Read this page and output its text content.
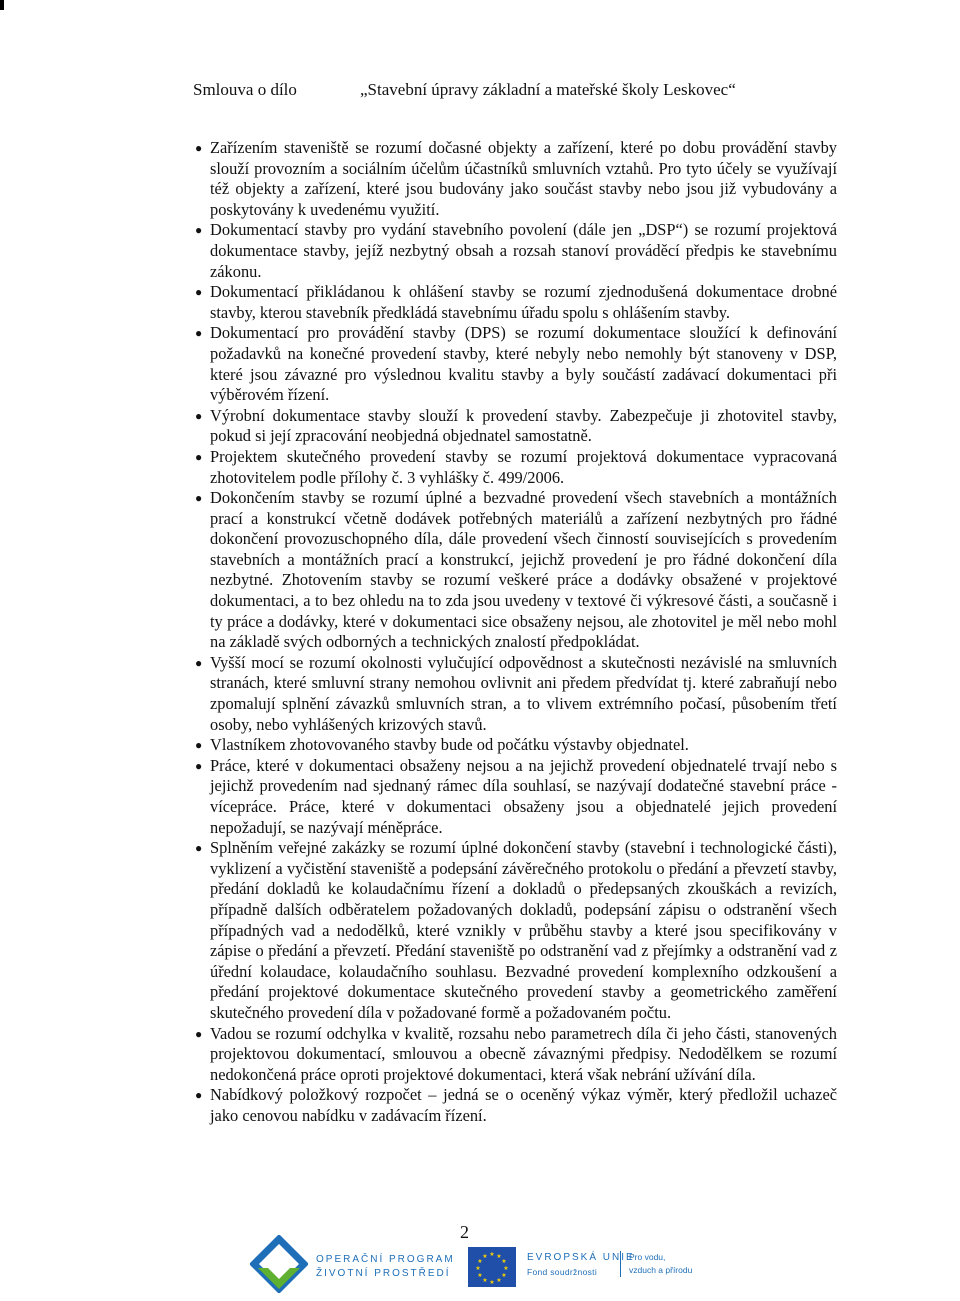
Smlouva o dílo	„Stavební úpravy základní a mateřské školy Leskovec“
● Zařízením staveniště se rozumí dočasné objekty a zařízení, které po dobu provádění stavby slouží provozním a sociálním účelům účastníků smluvních vztahů. Pro tyto účely se využívají též objekty a zařízení, které jsou budovány jako součást stavby nebo jsou již vybudovány a poskytovány k uvedenému využití.
● Dokumentací stavby pro vydání stavebního povolení (dále jen „DSP“) se rozumí projektová dokumentace stavby, jejíž nezbytný obsah a rozsah stanoví prováděcí předpis ke stavebnímu zákonu.
● Dokumentací přikládanou k ohlášení stavby se rozumí zjednodušená dokumentace drobné stavby, kterou stavebník předkládá stavebnímu úřadu spolu s ohlášením stavby.
● Dokumentací pro provádění stavby (DPS) se rozumí dokumentace sloužící k definování požadavků na konečné provedení stavby, které nebyly nebo nemohly být stanoveny v DSP, které jsou závazné pro výslednou kvalitu stavby a byly součástí zadávací dokumentaci při výběrovém řízení.
● Výrobní dokumentace stavby slouží k provedení stavby. Zabezpečuje ji zhotovitel stavby, pokud si její zpracování neobjedná objednatel samostatně.
● Projektem skutečného provedení stavby se rozumí projektová dokumentace vypracovaná zhotovitelem podle přílohy č. 3 vyhlášky č. 499/2006.
● Dokončením stavby se rozumí úplné a bezvadné provedení všech stavebních a montážních prací a konstrukcí včetně dodávek potřebných materiálů a zařízení nezbytných pro řádné dokončení provozuschopného díla, dále provedení všech činností souvisejících s provedením stavebních a montážních prací a konstrukcí, jejichž provedení je pro řádné dokončení díla nezbytné. Zhotovením stavby se rozumí veškeré práce a dodávky obsažené v projektové dokumentaci, a to bez ohledu na to zda jsou uvedeny v textové či výkresové části, a současně i ty práce a dodávky, které v dokumentaci sice obsaženy nejsou, ale zhotovitel je měl nebo mohl na základě svých odborných a technických znalostí předpokládat.
● Vyšší mocí se rozumí okolnosti vylučující odpovědnost a skutečnosti nezávislé na smluvních stranách, které smluvní strany nemohou ovlivnit ani předem předvídat tj. které zabraňují nebo zpomalují splnění závazků smluvních stran, a to vlivem extrémního počasí, působením třetí osoby, nebo vyhlášených krizových stavů.
● Vlastníkem zhotovovaného stavby bude od počátku výstavby objednatel.
● Práce, které v dokumentaci obsaženy nejsou a na jejichž provedení objednatelé trvají nebo s jejichž provedením nad sjednaný rámec díla souhlasí, se nazývají dodatečné stavební práce - vícepráce. Práce, které v dokumentaci obsaženy jsou a objednatelé jejich provedení nepožadují, se nazývají méněpráce.
● Splněním veřejné zakázky se rozumí úplné dokončení stavby (stavební i technologické části), vyklizení a vyčistění staveniště a podepsání závěrečného protokolu o předání a převzetí stavby, předání dokladů ke kolaudačnímu řízení a dokladů o předepsaných zkouškách a revizích, případně dalších odběratelem požadovaných dokladů, podepsání zápisu o odstranění všech případných vad a nedodělků, které vznikly v průběhu stavby a které jsou specifikovány v zápise o předání a převzetí. Předání staveniště po odstranění vad z přejímky a odstranění vad z úřední kolaudace, kolaudačního souhlasu. Bezvadné provedení komplexního odzkoušení a předání projektové dokumentace skutečného provedení stavby a geometrického zaměření skutečného provedení díla v požadované formě a požadovaném počtu.
● Vadou se rozumí odchylka v kvalitě, rozsahu nebo parametrech díla či jeho části, stanovených projektovou dokumentací, smlouvou a obecně závaznými předpisy. Nedodělkem se rozumí nedokončená práce oproti projektové dokumentaci, která však nebrání užívání díla.
● Nabídkový položkový rozpočet – jedná se o oceněný výkaz výměr, který předložil uchazeč jako cenovou nabídku v zadávacím řízení.
2
OPERAČNÍ PROGRAM
ŽIVOTNÍ PROSTŘEDÍ
★ ★
★
★
★
★
★
★
★
★
★
★	EVROPSKÁ UNIE
Fond soudržnosti
Pro vodu,
vzduch a přírodu
